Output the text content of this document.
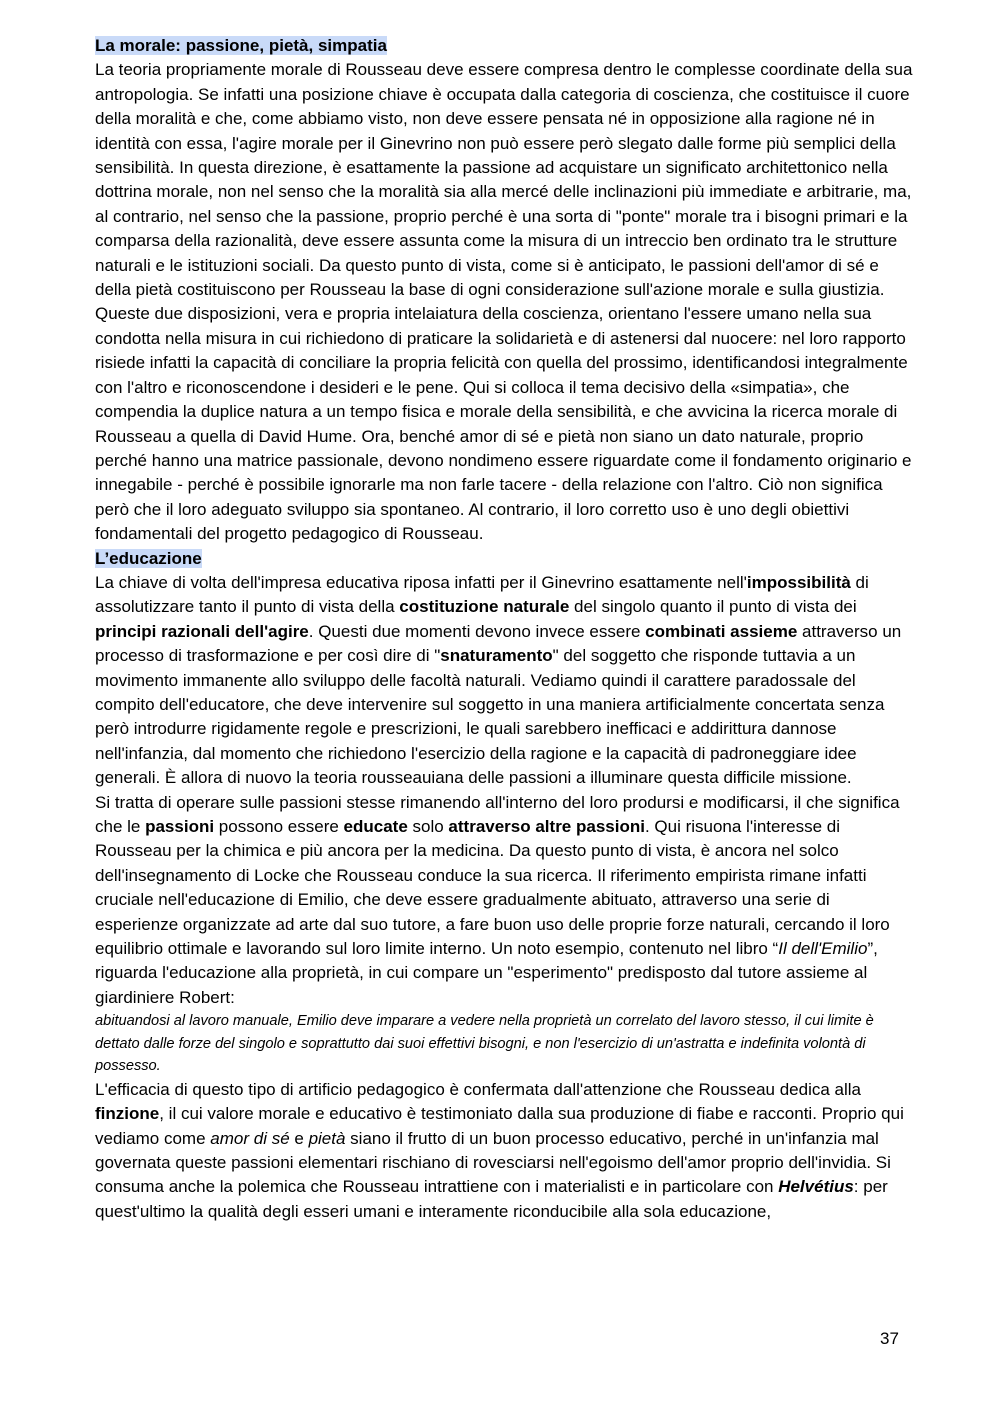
La morale: passione, pietà, simpatia

La teoria propriamente morale di Rousseau deve essere compresa dentro le complesse coordinate della sua antropologia. Se infatti una posizione chiave è occupata dalla categoria di coscienza, che costituisce il cuore della moralità e che, come abbiamo visto, non deve essere pensata né in opposizione alla ragione né in identità con essa, l'agire morale per il Ginevrino non può essere però slegato dalle forme più semplici della sensibilità. In questa direzione, è esattamente la passione ad acquistare un significato architettonico nella dottrina morale, non nel senso che la moralità sia alla mercé delle inclinazioni più immediate e arbitrarie, ma, al contrario, nel senso che la passione, proprio perché è una sorta di "ponte" morale tra i bisogni primari e la comparsa della razionalità, deve essere assunta come la misura di un intreccio ben ordinato tra le strutture naturali e le istituzioni sociali. Da questo punto di vista, come si è anticipato, le passioni dell'amor di sé e della pietà costituiscono per Rousseau la base di ogni considerazione sull'azione morale e sulla giustizia. Queste due disposizioni, vera e propria intelaiatura della coscienza, orientano l'essere umano nella sua condotta nella misura in cui richiedono di praticare la solidarietà e di astenersi dal nuocere: nel loro rapporto risiede infatti la capacità di conciliare la propria felicità con quella del prossimo, identificandosi integralmente con l'altro e riconoscendone i desideri e le pene. Qui si colloca il tema decisivo della «simpatia», che compendia la duplice natura a un tempo fisica e morale della sensibilità, e che avvicina la ricerca morale di Rousseau a quella di David Hume. Ora, benché amor di sé e pietà non siano un dato naturale, proprio perché hanno una matrice passionale, devono nondimeno essere riguardate come il fondamento originario e innegabile - perché è possibile ignorarle ma non farle tacere - della relazione con l'altro. Ciò non significa però che il loro adeguato sviluppo sia spontaneo. Al contrario, il loro corretto uso è uno degli obiettivi fondamentali del progetto pedagogico di Rousseau.

L’educazione

La chiave di volta dell'impresa educativa riposa infatti per il Ginevrino esattamente nell'impossibilità di assolutizzare tanto il punto di vista della costituzione naturale del singolo quanto il punto di vista dei principi razionali dell'agire. Questi due momenti devono invece essere combinati assieme attraverso un processo di trasformazione e per così dire di "snaturamento" del soggetto che risponde tuttavia a un movimento immanente allo sviluppo delle facoltà naturali. Vediamo quindi il carattere paradossale del compito dell'educatore, che deve intervenire sul soggetto in una maniera artificialmente concertata senza però introdurre rigidamente regole e prescrizioni, le quali sarebbero inefficaci e addirittura dannose nell'infanzia, dal momento che richiedono l'esercizio della ragione e la capacità di padroneggiare idee generali. È allora di nuovo la teoria rousseauiana delle passioni a illuminare questa difficile missione.

Si tratta di operare sulle passioni stesse rimanendo all'interno del loro prodursi e modificarsi, il che significa che le passioni possono essere educate solo attraverso altre passioni. Qui risuona l'interesse di Rousseau per la chimica e più ancora per la medicina. Da questo punto di vista, è ancora nel solco dell'insegnamento di Locke che Rousseau conduce la sua ricerca. Il riferimento empirista rimane infatti cruciale nell'educazione di Emilio, che deve essere gradualmente abituato, attraverso una serie di esperienze organizzate ad arte dal suo tutore, a fare buon uso delle proprie forze naturali, cercando il loro equilibrio ottimale e lavorando sul loro limite interno. Un noto esempio, contenuto nel libro “Il dell'Emilio”, riguarda l'educazione alla proprietà, in cui compare un "esperimento" predisposto dal tutore assieme al giardiniere Robert:

abituandosi al lavoro manuale, Emilio deve imparare a vedere nella proprietà un correlato del lavoro stesso, il cui limite è dettato dalle forze del singolo e soprattutto dai suoi effettivi bisogni, e non l'esercizio di un'astratta e indefinita volontà di possesso.

L'efficacia di questo tipo di artificio pedagogico è confermata dall'attenzione che Rousseau dedica alla finzione, il cui valore morale e educativo è testimoniato dalla sua produzione di fiabe e racconti. Proprio qui vediamo come amor di sé e pietà siano il frutto di un buon processo educativo, perché in un'infanzia mal governata queste passioni elementari rischiano di rovesciarsi nell'egoismo dell'amor proprio dell'invidia. Si consuma anche la polemica che Rousseau intrattiene con i materialisti e in particolare con Helvétius: per quest'ultimo la qualità degli esseri umani e interamente riconducibile alla sola educazione,

37
